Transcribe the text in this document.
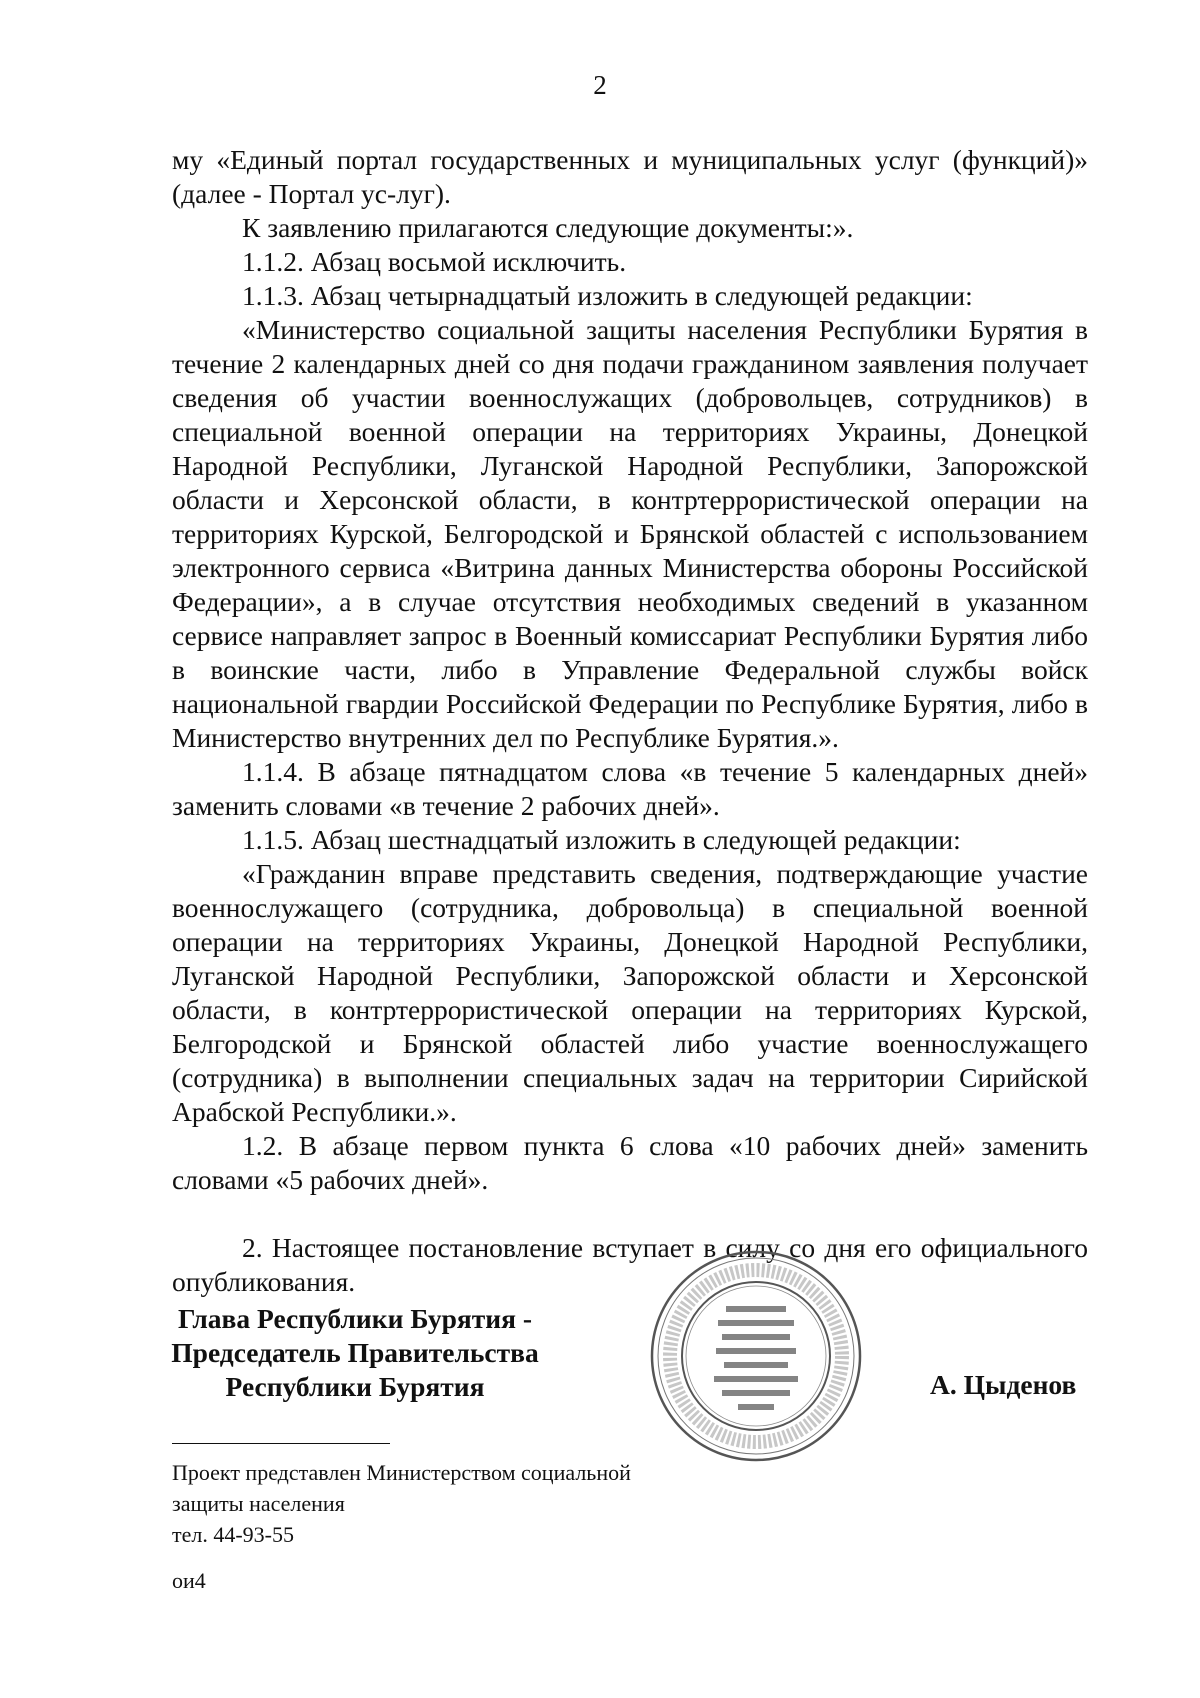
2

му «Единый портал государственных и муниципальных услуг (функций)» (далее - Портал ус-луг).

К заявлению прилагаются следующие документы:».

1.1.2. Абзац восьмой исключить.

1.1.3. Абзац четырнадцатый изложить в следующей редакции:

«Министерство социальной защиты населения Республики Бурятия в течение 2 календарных дней со дня подачи гражданином заявления получает сведения об участии военнослужащих (добровольцев, сотрудников) в специальной военной операции на территориях Украины, Донецкой Народной Республики, Луганской Народной Республики, Запорожской области и Херсонской области, в контртеррористической операции на территориях Курской, Белгородской и Брянской областей с использованием электронного сервиса «Витрина данных Министерства обороны Российской Федерации», а в случае отсутствия необходимых сведений в указанном сервисе направляет запрос в Военный комиссариат Республики Бурятия либо в воинские части, либо в Управление Федеральной службы войск национальной гвардии Российской Федерации по Республике Бурятия, либо в Министерство внутренних дел по Республике Бурятия.».

1.1.4. В абзаце пятнадцатом слова «в течение 5 календарных дней» заменить словами «в течение 2 рабочих дней».

1.1.5. Абзац шестнадцатый изложить в следующей редакции:

«Гражданин вправе представить сведения, подтверждающие участие военнослужащего (сотрудника, добровольца) в специальной военной операции на территориях Украины, Донецкой Народной Республики, Луганской Народной Республики, Запорожской области и Херсонской области, в контртеррористической операции на территориях Курской, Белгородской и Брянской областей либо участие военнослужащего (сотрудника) в выполнении специальных задач на территории Сирийской Арабской Республики.».

1.2. В абзаце первом пункта 6 слова «10 рабочих дней» заменить словами «5 рабочих дней».

2. Настоящее постановление вступает в силу со дня его официального опубликования.

Глава Республики Бурятия -
Председатель Правительства
Республики Бурятия	А. Цыденов
Проект представлен Министерством социальной
защиты населения
тел. 44-93-55
ои4
